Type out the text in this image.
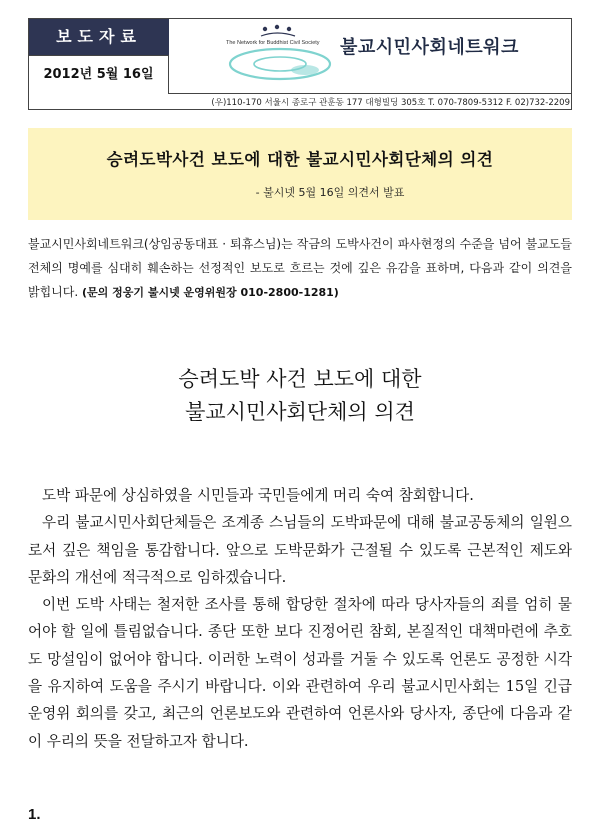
보도자료
2012년 5월 16일
The Network for Buddhist Civil Society 불교시민사회네트워크
(우)110-170 서울시 종로구 관훈동 177 대형빌딩 305호 T. 070-7809-5312 F. 02)732-2209
승려도박사건 보도에 대한 불교시민사회단체의 의견
- 불시넷 5월 16일 의견서 발표
불교시민사회네트워크(상임공동대표 · 퇴휴스님)는 작금의 도박사건이 파사현정의 수준을 넘어 불교도들 전체의 명예를 심대히 훼손하는 선정적인 보도로 흐르는 것에 깊은 유감을 표하며, 다음과 같이 의견을 밝힙니다. (문의 정웅기 불시넷 운영위원장 010-2800-1281)
승려도박 사건 보도에 대한
불교시민사회단체의 의견

도박 파문에 상심하였을 시민들과 국민들에게 머리 숙여 참회합니다.

우리 불교시민사회단체들은 조계종 스님들의 도박파문에 대해 불교공동체의 일원으로서 깊은 책임을 통감합니다. 앞으로 도박문화가 근절될 수 있도록 근본적인 제도와 문화의 개선에 적극적으로 임하겠습니다.

이번 도박 사태는 철저한 조사를 통해 합당한 절차에 따라 당사자들의 죄를 엄히 물어야 할 일에 틀림없습니다. 종단 또한 보다 진정어린 참회, 본질적인 대책마련에 추호도 망설임이 없어야 합니다. 이러한 노력이 성과를 거둘 수 있도록 언론도 공정한 시각을 유지하여 도움을 주시기 바랍니다. 이와 관련하여 우리 불교시민사회는 15일 긴급 운영위 회의를 갖고, 최근의 언론보도와 관련하여 언론사와 당사자, 종단에 다음과 같이 우리의 뜻을 전달하고자 합니다.

1.
